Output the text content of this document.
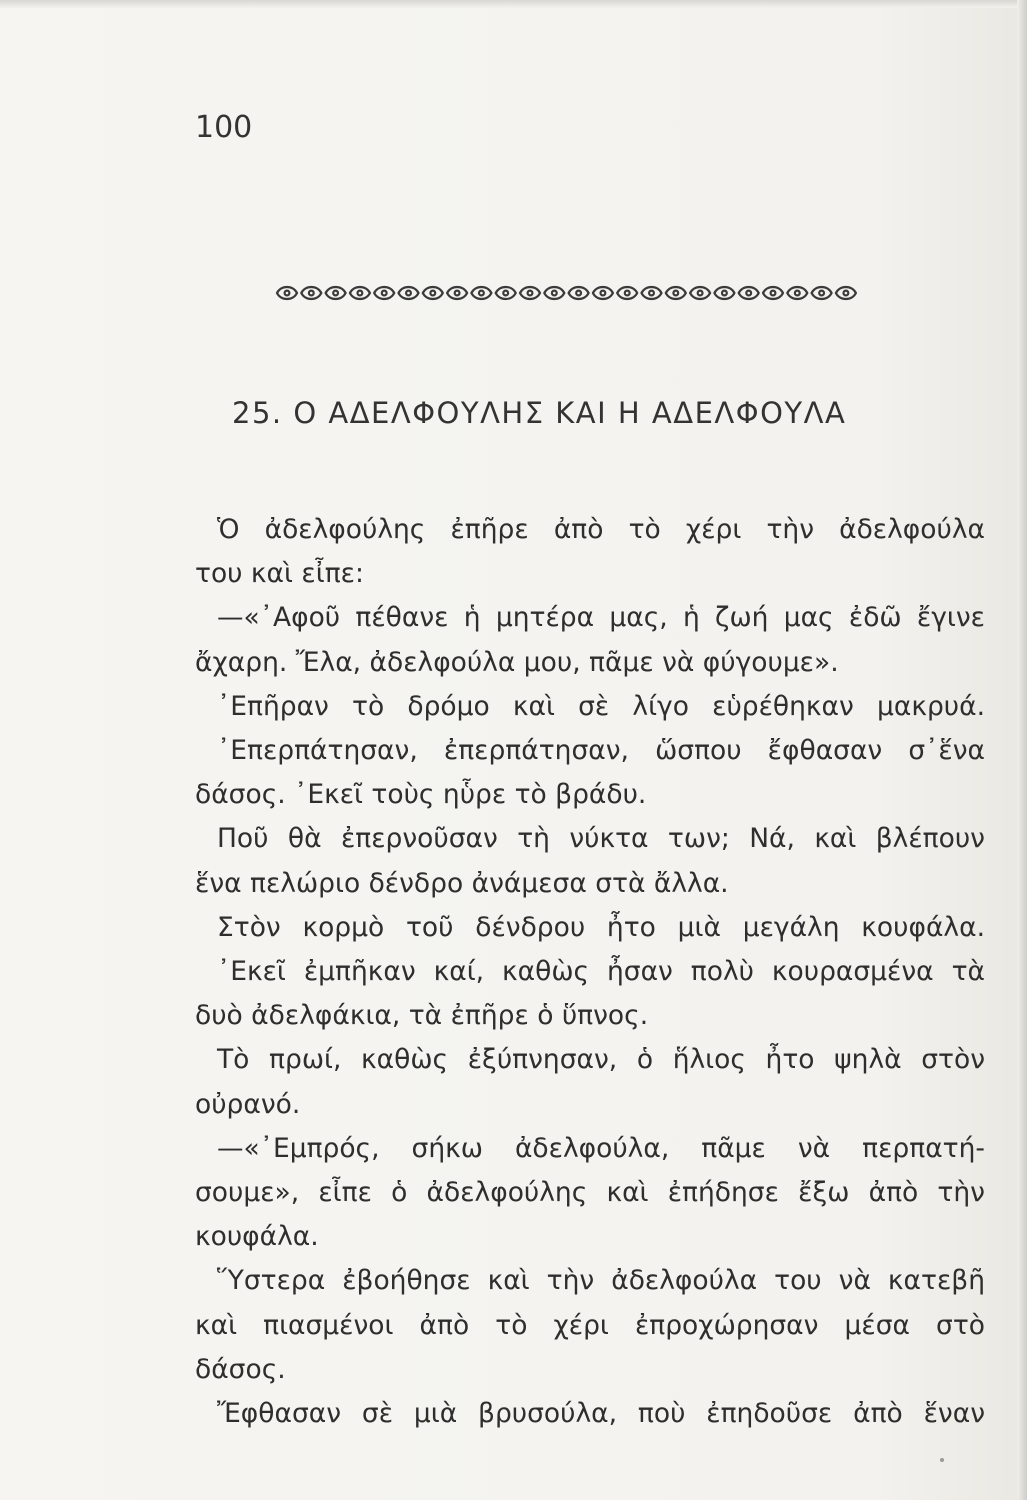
100
25. Ο ΑΔΕΛΦΟΥΛΗΣ ΚΑΙ Η ΑΔΕΛΦΟΥΛΑ
Ὁ ἀδελφούλης ἐπῆρε ἀπὸ τὸ χέρι τὴν ἀδελφούλα
του καὶ εἶπε:
—«᾿Αφοῦ πέθανε ἡ μητέρα μας, ἡ ζωή μας ἐδῶ ἔγινε
ἄχαρη. Ἔλα, ἀδελφούλα μου, πᾶμε νὰ φύγουμε».
᾿Επῆραν τὸ δρόμο καὶ σὲ λίγο εὑρέθηκαν μακρυά.
᾿Επερπάτησαν, ἐπερπάτησαν, ὥσπου ἔφθασαν σ᾿ἕνα
δάσος. ᾿Εκεῖ τοὺς ηὗρε τὸ βράδυ.
Ποῦ θὰ ἐπερνοῦσαν τὴ νύκτα των; Νά, καὶ βλέπουν
ἕνα πελώριο δένδρο ἀνάμεσα στὰ ἄλλα.
Στὸν κορμὸ τοῦ δένδρου ἦτο μιὰ μεγάλη κουφάλα.
᾿Εκεῖ ἐμπῆκαν καί, καθὼς ἦσαν πολὺ κουρασμένα τὰ
δυὸ ἀδελφάκια, τὰ ἐπῆρε ὁ ὕπνος.
Τὸ πρωί, καθὼς ἐξύπνησαν, ὁ ἥλιος ἦτο ψηλὰ στὸν
οὐρανό.
—«᾿Εμπρός, σήκω ἀδελφούλα, πᾶμε νὰ περπατή-
σουμε», εἶπε ὁ ἀδελφούλης καὶ ἐπήδησε ἔξω ἀπὸ τὴν
κουφάλα.
Ὕστερα ἐβοήθησε καὶ τὴν ἀδελφούλα του νὰ κατεβῆ
καὶ πιασμένοι ἀπὸ τὸ χέρι ἐπροχώρησαν μέσα στὸ
δάσος.
Ἔφθασαν σὲ μιὰ βρυσούλα, ποὺ ἐπηδοῦσε ἀπὸ ἕναν
